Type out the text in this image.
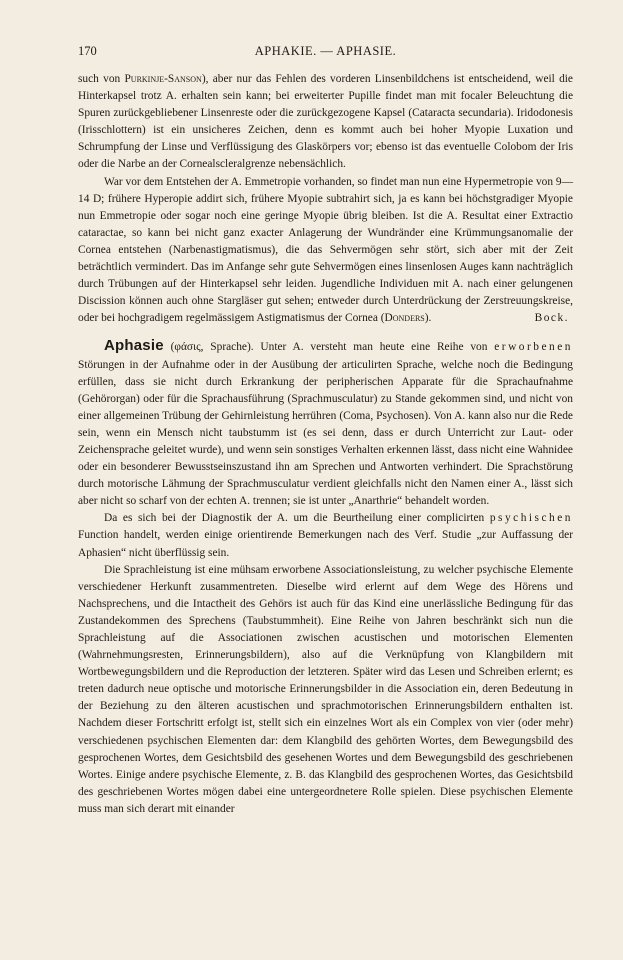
170	APHAKIE. — APHASIE.

such von Purkinje-Sanson), aber nur das Fehlen des vorderen Linsenbildchens ist entscheidend, weil die Hinterkapsel trotz A. erhalten sein kann; bei erweiterter Pupille findet man mit focaler Beleuchtung die Spuren zurückgebliebener Linsenreste oder die zurückgezogene Kapsel (Cataracta secundaria). Iridodonesis (Irisschlottern) ist ein unsicheres Zeichen, denn es kommt auch bei hoher Myopie Luxation und Schrumpfung der Linse und Verflüssigung des Glaskörpers vor; ebenso ist das eventuelle Colobom der Iris oder die Narbe an der Cornealscleralgrenze nebensächlich.

War vor dem Entstehen der A. Emmetropie vorhanden, so findet man nun eine Hypermetropie von 9—14 D; frühere Hyperopie addirt sich, frühere Myopie subtrahirt sich, ja es kann bei höchstgradiger Myopie nun Emmetropie oder sogar noch eine geringe Myopie übrig bleiben. Ist die A. Resultat einer Extractio cataractae, so kann bei nicht ganz exacter Anlagerung der Wundränder eine Krümmungsanomalie der Cornea entstehen (Narbenastigmatismus), die das Sehvermögen sehr stört, sich aber mit der Zeit beträchtlich vermindert. Das im Anfange sehr gute Sehvermögen eines linsenlosen Auges kann nachträglich durch Trübungen auf der Hinterkapsel sehr leiden. Jugendliche Individuen mit A. nach einer gelungenen Discission können auch ohne Stargläser gut sehen; entweder durch Unterdrückung der Zerstreuungskreise, oder bei hochgradigem regelmässigem Astigmatismus der Cornea (Donders).	Bock.

Aphasie (φάσις, Sprache). Unter A. versteht man heute eine Reihe von erworbenen Störungen in der Aufnahme oder in der Ausübung der articulirten Sprache, welche noch die Bedingung erfüllen, dass sie nicht durch Erkrankung der peripherischen Apparate für die Sprachaufnahme (Gehörorgan) oder für die Sprachausführung (Sprachmusculatur) zu Stande gekommen sind, und nicht von einer allgemeinen Trübung der Gehirnleistung herrühren (Coma, Psychosen). Von A. kann also nur die Rede sein, wenn ein Mensch nicht taubstumm ist (es sei denn, dass er durch Unterricht zur Laut- oder Zeichensprache geleitet wurde), und wenn sein sonstiges Verhalten erkennen lässt, dass nicht eine Wahnidee oder ein besonderer Bewusstseinszustand ihn am Sprechen und Antworten verhindert. Die Sprachstörung durch motorische Lähmung der Sprachmusculatur verdient gleichfalls nicht den Namen einer A., lässt sich aber nicht so scharf von der echten A. trennen; sie ist unter „Anarthrie“ behandelt worden.

Da es sich bei der Diagnostik der A. um die Beurtheilung einer complicirten psychischen Function handelt, werden einige orientirende Bemerkungen nach des Verf. Studie „zur Auffassung der Aphasien“ nicht überflüssig sein.

Die Sprachleistung ist eine mühsam erworbene Associationsleistung, zu welcher psychische Elemente verschiedener Herkunft zusammentreten. Dieselbe wird erlernt auf dem Wege des Hörens und Nachsprechens, und die Intactheit des Gehörs ist auch für das Kind eine unerlässliche Bedingung für das Zustandekommen des Sprechens (Taubstummheit). Eine Reihe von Jahren beschränkt sich nun die Sprachleistung auf die Associationen zwischen acustischen und motorischen Elementen (Wahrnehmungsresten, Erinnerungsbildern), also auf die Verknüpfung von Klangbildern mit Wortbewegungsbildern und die Reproduction der letzteren. Später wird das Lesen und Schreiben erlernt; es treten dadurch neue optische und motorische Erinnerungsbilder in die Association ein, deren Bedeutung in der Beziehung zu den älteren acustischen und sprachmotorischen Erinnerungsbildern enthalten ist. Nachdem dieser Fortschritt erfolgt ist, stellt sich ein einzelnes Wort als ein Complex von vier (oder mehr) verschiedenen psychischen Elementen dar: dem Klangbild des gehörten Wortes, dem Bewegungsbild des gesprochenen Wortes, dem Gesichtsbild des gesehenen Wortes und dem Bewegungsbild des geschriebenen Wortes. Einige andere psychische Elemente, z. B. das Klangbild des gesprochenen Wortes, das Gesichtsbild des geschriebenen Wortes mögen dabei eine untergeordnetere Rolle spielen. Diese psychischen Elemente muss man sich derart mit einander
